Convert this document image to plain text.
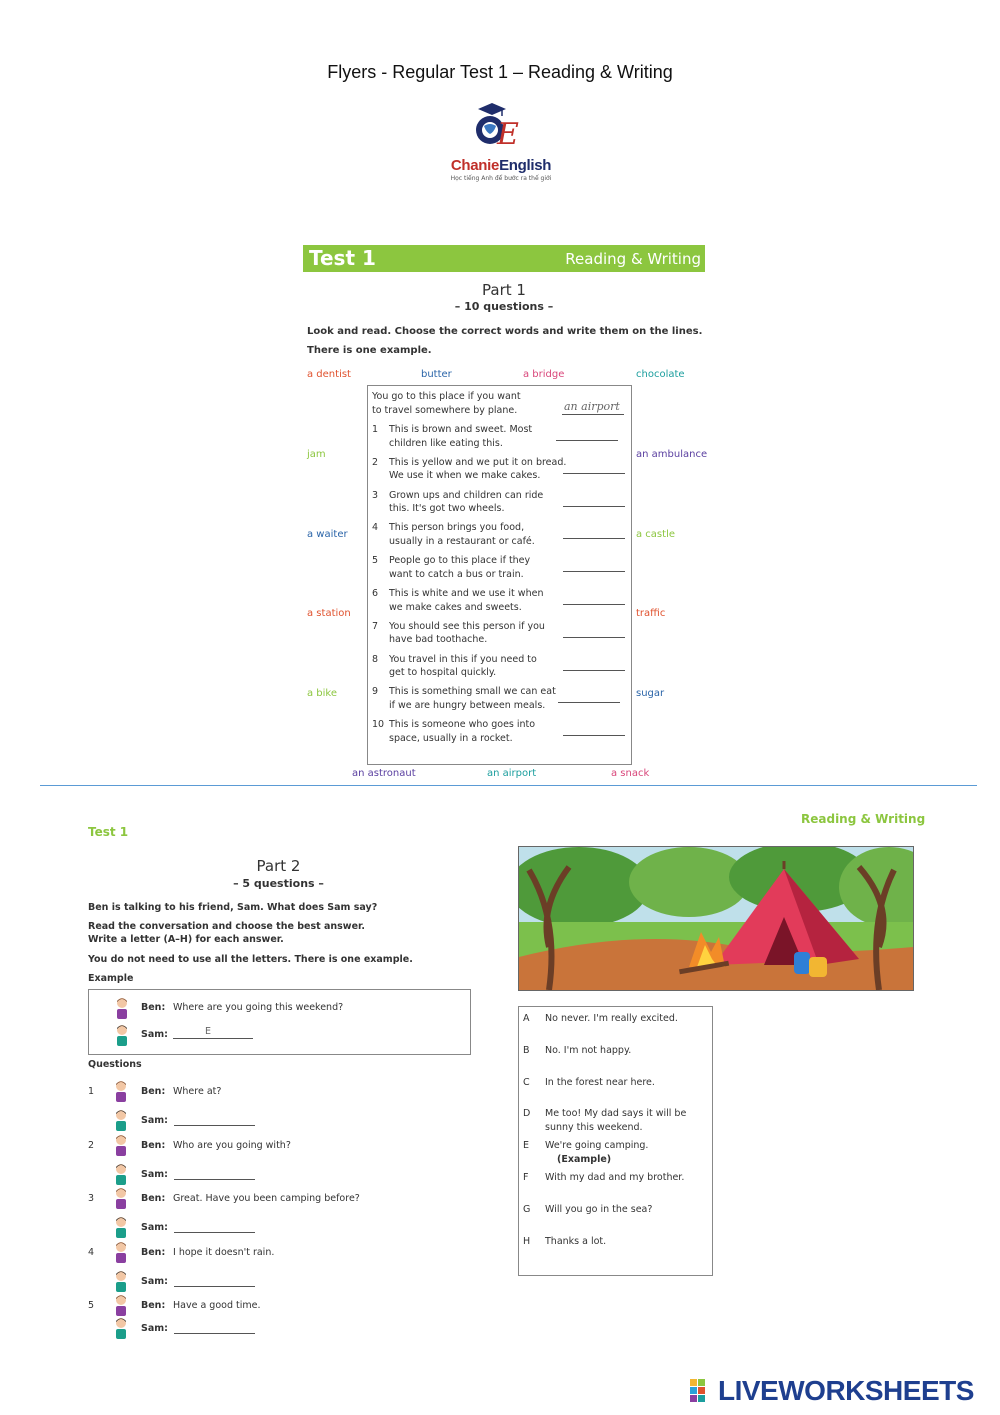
Flyers - Regular Test 1 – Reading & Writing
E
ChanieEnglish
Học tiếng Anh để bước ra thế giới
Test 1	Reading & Writing
Part 1
– 10 questions –
Look and read. Choose the correct words and write them on the lines.
There is one example.
a dentist	butter	a bridge	chocolate
jam	an ambulance
a waiter	a castle
a station	traffic
a bike	sugar
an astronaut	an airport	a snack
You go to this place if you want
to travel somewhere by plane.	an airport
1 This is brown and sweet. Most
children like eating this.
2 This is yellow and we put it on bread.
We use it when we make cakes.
3 Grown ups and children can ride
this. It's got two wheels.
4 This person brings you food,
usually in a restaurant or café.
5 People go to this place if they
want to catch a bus or train.
6 This is white and we use it when
we make cakes and sweets.
7 You should see this person if you
have bad toothache.
8 You travel in this if you need to
get to hospital quickly.
9 This is something small we can eat
if we are hungry between meals.
10 This is someone who goes into
space, usually in a rocket.
Test 1
Reading & Writing
Part 2
– 5 questions –
Ben is talking to his friend, Sam. What does Sam say?
Read the conversation and choose the best answer.
Write a letter (A–H) for each answer.
You do not need to use all the letters. There is one example.
Example
Ben: Where are you going this weekend?
Sam:	E
Questions
1	Ben: Where at?
Sam:
2	Ben: Who are you going with?
Sam:
3	Ben: Great. Have you been camping before?
Sam:
4	Ben: I hope it doesn't rain.
Sam:
5	Ben: Have a good time.
Sam:
A No never. I'm really excited.
B No. I'm not happy.
C In the forest near here.
D Me too! My dad says it will be
sunny this weekend.
E We're going camping.(Example)
F With my dad and my brother.
G Will you go in the sea?
H Thanks a lot.
LIVEWORKSHEETS
